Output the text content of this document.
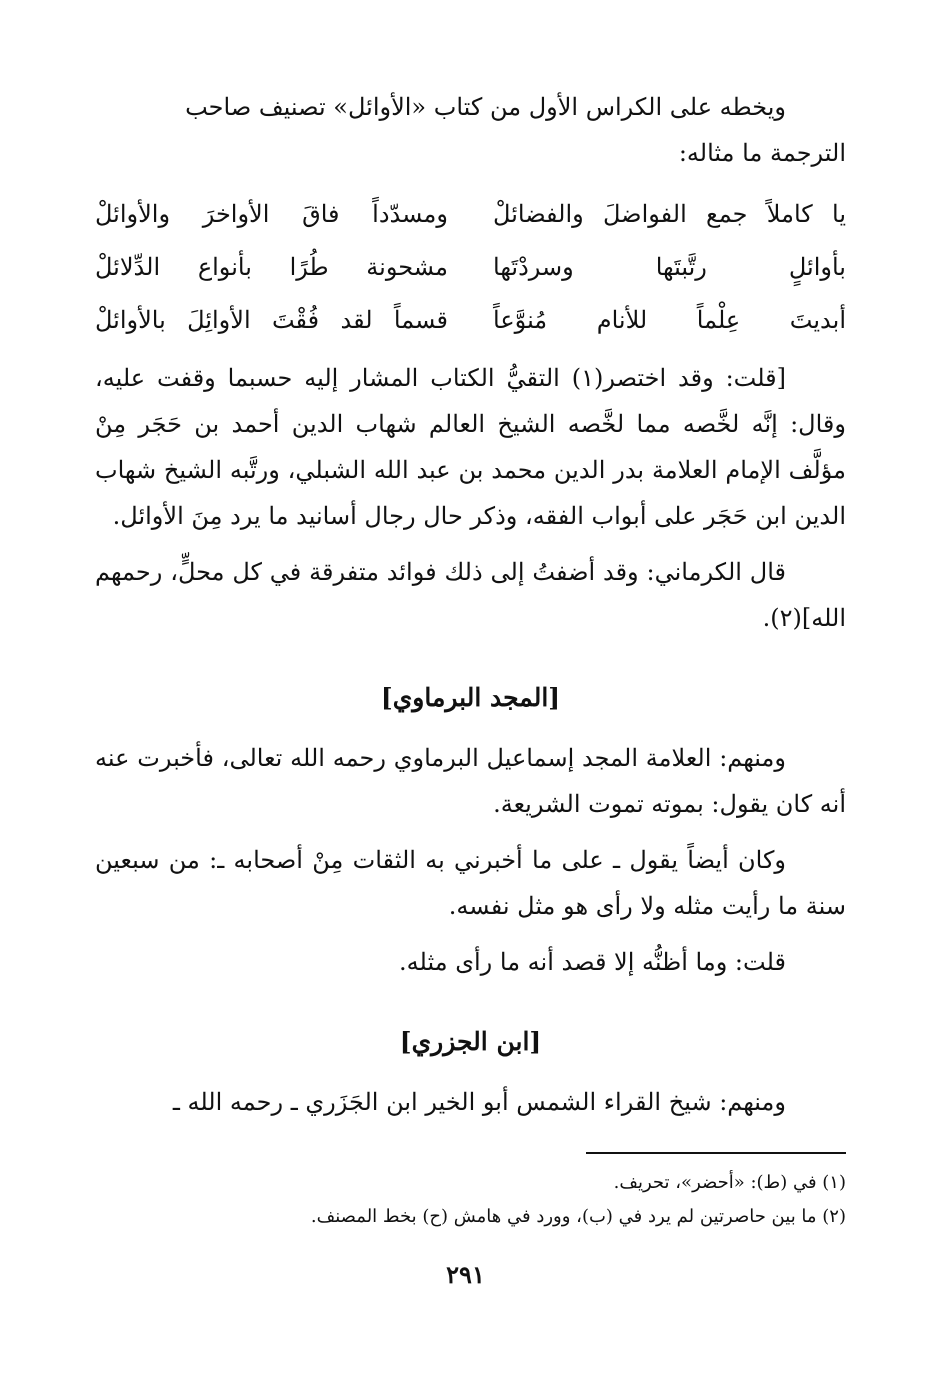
ويخطه على الكراس الأول من كتاب «الأوائل» تصنيف صاحب
الترجمة ما مثاله:

يا كاملاً جمع الفواضلَ والفضائلْ
ومسدّداً فاقَ الأواخرَ والأوائلْ
بأوائلٍ رتَّبتَها وسردْتَها
مشحونة طُرًا بأنواع الدِّلائلْ
أبديتَ عِلْماً للأنام مُنوَّعاً
قسماً لقد فُقْتَ الأوائِلَ بالأوائلْ

[قلت: وقد اختصر(١) التقيُّ الكتاب المشار إليه حسبما وقفت عليه، وقال: إنَّه لخَّصه مما لخَّصه الشيخ العالم شهاب الدين أحمد بن حَجَر مِنْ مؤلَّف الإمام العلامة بدر الدين محمد بن عبد الله الشبلي، ورتَّبه الشيخ شهاب الدين ابن حَجَر على أبواب الفقه، وذكر حال رجال أسانيد ما يرد مِنَ الأوائل.

قال الكرماني: وقد أضفتُ إلى ذلك فوائد متفرقة في كل محلٍّ، رحمهم الله](٢).

[المجد البرماوي]

ومنهم: العلامة المجد إسماعيل البرماوي رحمه الله تعالى، فأخبرت عنه أنه كان يقول: بموته تموت الشريعة.

وكان أيضاً يقول ـ على ما أخبرني به الثقات مِنْ أصحابه ـ: من سبعين سنة ما رأيت مثله ولا رأى هو مثل نفسه.

قلت: وما أظنُّه إلا قصد أنه ما رأى مثله.

[ابن الجزري]

ومنهم: شيخ القراء الشمس أبو الخير ابن الجَزَري ـ رحمه الله ـ

(١) في (ط): «أحضر»، تحريف.
(٢) ما بين حاصرتين لم يرد في (ب)، وورد في هامش (ح) بخط المصنف.
٢٩١
